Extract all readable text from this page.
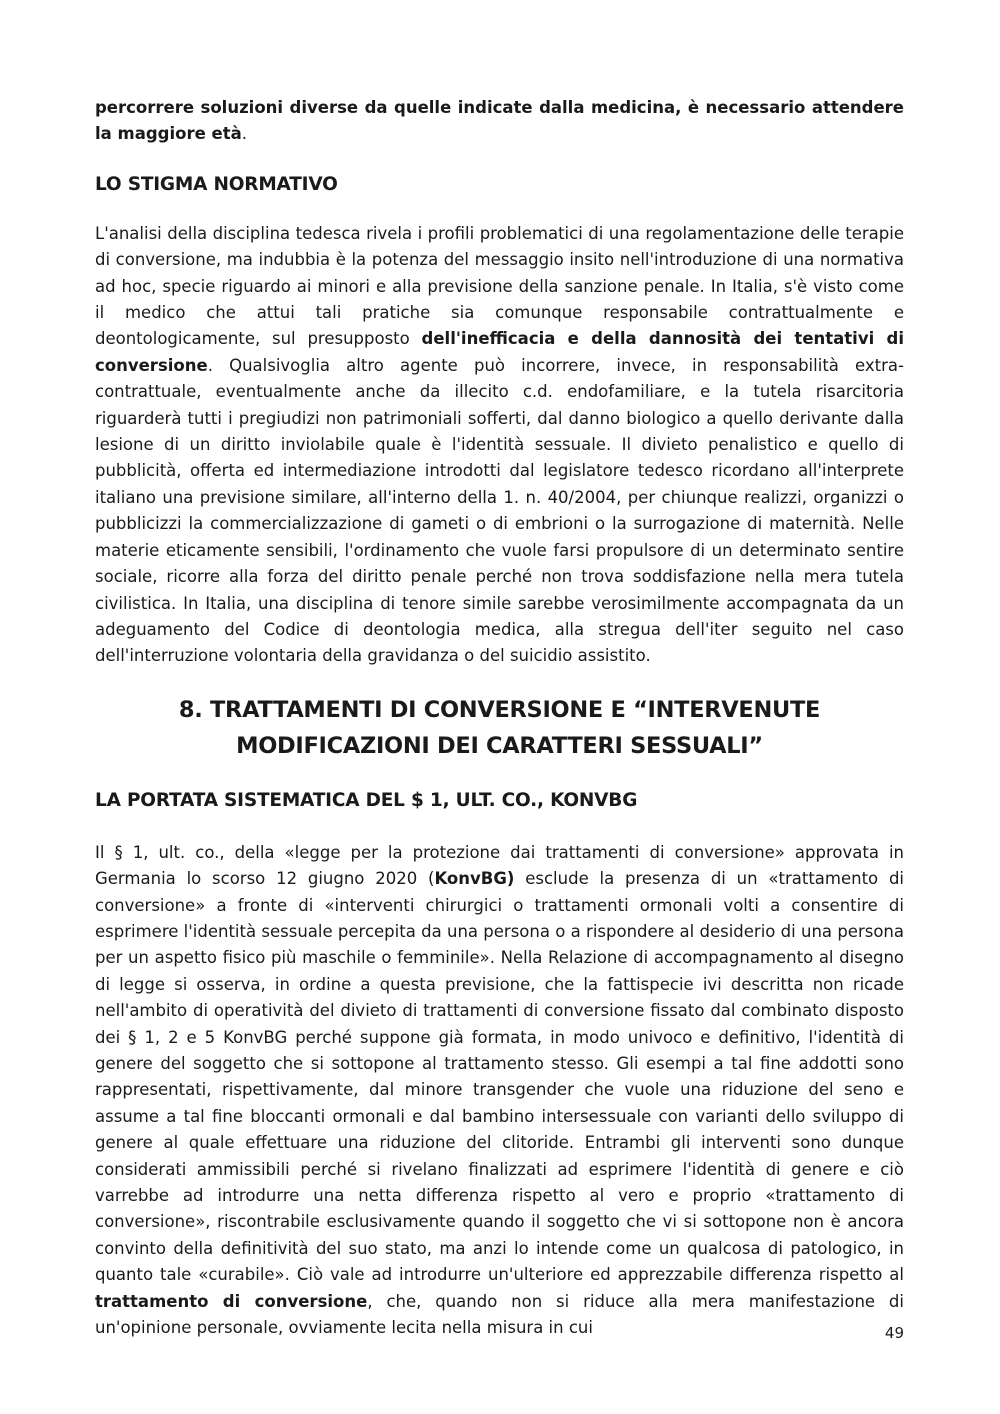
percorrere soluzioni diverse da quelle indicate dalla medicina, è necessario attendere la maggiore età.

LO STIGMA NORMATIVO

L'analisi della disciplina tedesca rivela i profili problematici di una regolamentazione delle terapie di conversione, ma indubbia è la potenza del messaggio insito nell'introduzione di una normativa ad hoc, specie riguardo ai minori e alla previsione della sanzione penale. In Italia, s'è visto come il medico che attui tali pratiche sia comunque responsabile contrattualmente e deontologicamente, sul presupposto dell'inefficacia e della dannosità dei tentativi di conversione. Qualsivoglia altro agente può incorrere, invece, in responsabilità extra-contrattuale, eventualmente anche da illecito c.d. endofamiliare, e la tutela risarcitoria riguarderà tutti i pregiudizi non patrimoniali sofferti, dal danno biologico a quello derivante dalla lesione di un diritto inviolabile quale è l'identità sessuale. Il divieto penalistico e quello di pubblicità, offerta ed intermediazione introdotti dal legislatore tedesco ricordano all'interprete italiano una previsione similare, all'interno della 1. n. 40/2004, per chiunque realizzi, organizzi o pubblicizzi la commercializzazione di gameti o di embrioni o la surrogazione di maternità. Nelle materie eticamente sensibili, l'ordinamento che vuole farsi propulsore di un determinato sentire sociale, ricorre alla forza del diritto penale perché non trova soddisfazione nella mera tutela civilistica. In Italia, una disciplina di tenore simile sarebbe verosimilmente accompagnata da un adeguamento del Codice di deontologia medica, alla stregua dell'iter seguito nel caso dell'interruzione volontaria della gravidanza o del suicidio assistito.

8. TRATTAMENTI DI CONVERSIONE E “INTERVENUTE
MODIFICAZIONI DEI CARATTERI SESSUALI”
LA PORTATA SISTEMATICA DEL $ 1, ULT. CO., KONVBG

Il § 1, ult. co., della «legge per la protezione dai trattamenti di conversione» approvata in Germania lo scorso 12 giugno 2020 (KonvBG) esclude la presenza di un «trattamento di conversione» a fronte di «interventi chirurgici o trattamenti ormonali volti a consentire di esprimere l'identità sessuale percepita da una persona o a rispondere al desiderio di una persona per un aspetto fisico più maschile o femminile». Nella Relazione di accompagnamento al disegno di legge si osserva, in ordine a questa previsione, che la fattispecie ivi descritta non ricade nell'ambito di operatività del divieto di trattamenti di conversione fissato dal combinato disposto dei § 1, 2 e 5 KonvBG perché suppone già formata, in modo univoco e definitivo, l'identità di genere del soggetto che si sottopone al trattamento stesso. Gli esempi a tal fine addotti sono rappresentati, rispettivamente, dal minore transgender che vuole una riduzione del seno e assume a tal fine bloccanti ormonali e dal bambino intersessuale con varianti dello sviluppo di genere al quale effettuare una riduzione del clitoride. Entrambi gli interventi sono dunque considerati ammissibili perché si rivelano finalizzati ad esprimere l'identità di genere e ciò varrebbe ad introdurre una netta differenza rispetto al vero e proprio «trattamento di conversione», riscontrabile esclusivamente quando il soggetto che vi si sottopone non è ancora convinto della definitività del suo stato, ma anzi lo intende come un qualcosa di patologico, in quanto tale «curabile». Ciò vale ad introdurre un'ulteriore ed apprezzabile differenza rispetto al trattamento di conversione, che, quando non si riduce alla mera manifestazione di un'opinione personale, ovviamente lecita nella misura in cui	49
